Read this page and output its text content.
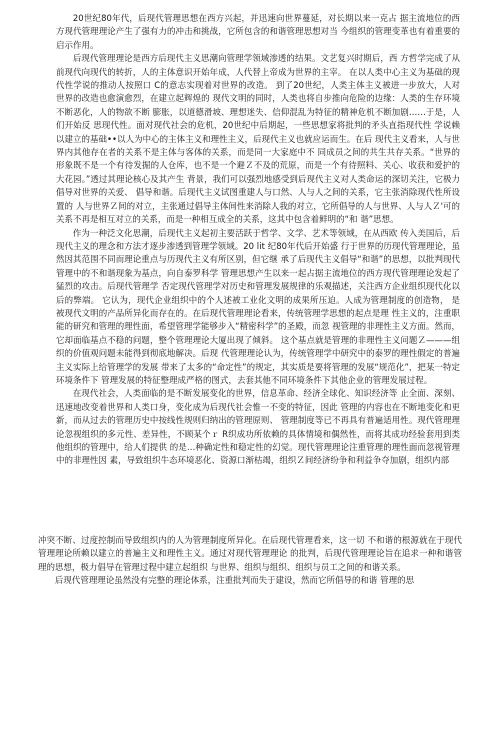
20世纪80年代，后现代管理思想在西方兴起，并迅速向世界蔓延，对长期以来一克占 据主流地位的西方现代管理理论产生了强有力的冲击和挑战，它所包含的和谐管理思想对当 今组织的管理变革也有着重要的启示作用。

后现代管理理论是西方后现代主义思潮向管理学领域渗透的结果。文艺复兴时期后，西 方哲学完成了从前现代向现代的转折，人的主体意识开始年成，人代替上帝成为世界的主宰。 在以人类中心主义为基础的现代性学说的推动人按照口 C的意志实现着对世界的改造。 到了20世纪，人类主体主义被进一步放大，人对世界的改造也愈演愈烈，在建立起辉煌的 现代文明的同时，人类也将自步推向危险的边缘：人类的生存环境不断恶化，人的物欲不断 膨胀，以道德滑坡、理想迷失、信仰混乱为特征的精神危机不断加剧……于是，人们开始反 思现代性。面对现代社会的危机，20世纪中后期起，一些思想家将批判的矛头直指现代性 学说赖以建立的基础••以人为中心的主体主义和理性主义，后现代主义也就应运而生。在后 现代主义看来，人与世界内其他存在者的关系不是主体与客体的关系，而是同一大家庭中不 同成员之间的共生共存关系。“世界的形象既不是一个有待发掘的人仓库，也不是一个避Ｚ不及的荒原，而是一个有待照料、关心、收获和爱护的大花园。”透过其理论核心及其产生 背景，我们可以强烈地感受到后现代主义对人类命运的深切关注，它极力倡导对世界的关爱、 倡导和谐。后现代主义试图重建人与口然、人与人之间的关系，它主张消除现代性所设置的 人与世界Ｚ间的对立，主张通过倡导主体间性来消除人我的对立，它所倡导的人与世界、人与人Ｚ'可的关系不再是相互对立的关系，而是一种相互成全的关系，这其中包含着鲜明的“和 谐”思想。

作为一种泛文化思潮，后现代主义起初主要活跃于哲学、文学、艺术等领域，在从西欧 传入美国后，后现代主义的理念和方法才逐步渗透到管理学领域。20 lit 纪80年代后开始盛 行于世界的历现代管理理论，虽然因其范围不同而理论重点与历现代主义有所区别，但它继 承了后现代主义倡导“和谐”的思想，以批判现代管理中的不和谐现象为基点，向自泰罗科学 管理思想产生以来一起占据主流地位的西方现代管理理论发起了猛烈的攻击。后现代管理学 否定现代管理学对历史和管理发展规律的乐观描述，关注西方企业组织现代化以后的弊端。 它认为，现代企业组织中的个人述被工业化文明的成果所压迫。人成为管理制度的创造物， 是被现代文明的产品所异化而存在的。在后现代管理理论看来，传统管理学思想的起点是理 性主义的，注重职能的研究和管理的理性面，希望管理学能够步入“精密科学”的圣殿，而忽 视管理的非理性主义方面。然而，它却面临基点不稳的问题，整个管理理论大厦出现了倾斜。 这个基点就是管理的非理性主义问题Ｚ———组织的价值观问题未能得到彻底地解决。后现 代管理理论认为，传统管理学中研究中的泰罗的理性假定的普遍主义实际上给管理学的发展 带来了太多的“命定性”的规定，其实质是要将管理的发展“规范化”，把某一特定环境条件下 管理发展的特征整理成严格的图式，去套其他不同环境条件下其他企业的管理发展过程。

在现代社会，人类面临的是不断发展变化的世界，信息革命、经济全球化、知识经济等 止全面、深刻、迅速地改变着世界和人类口身，变化成为后现代社会惟一不变的特征，因此 管理的内容也在不断地变化和更新，而从过去的管理历史中按线性规则归纳出的管理原则、 管理制度等已不再具有普遍适用性。现代管理理论忽视组织的多元性、差异性，不顾某个ｒ R织成功所依赖的具体情境和偶然性，而将其成功经验套用到类他组织的管理中，给人们提供 的是…种确定性和稳定性的幻觉。现代管理理论注重管理的理性面而忽视管理中的非理性因 素，导致组织牛态环境恶化、资源口渐枯竭，组织Ｚ间经济纷争和利益争夺加剧，组织内部

冲突不断、过度控制而导致组织内的人为管理制度所异化。在后现代管理看来，这一切 不和谐的根源就在于现代管理理论所赖以建立的普遍主义和理性主义。通过对现代管理理论 的批判，后现代管理理论旨在追求一种和谐管理的思想，极力倡导在管理过程中建立起组织 与世界、组织与组织、组织与员工之间的和谐关系。

后现代管理理论虽然没有完整的理论体系，注重批判而失于建设，然而它所倡导的和谐 管理的思
